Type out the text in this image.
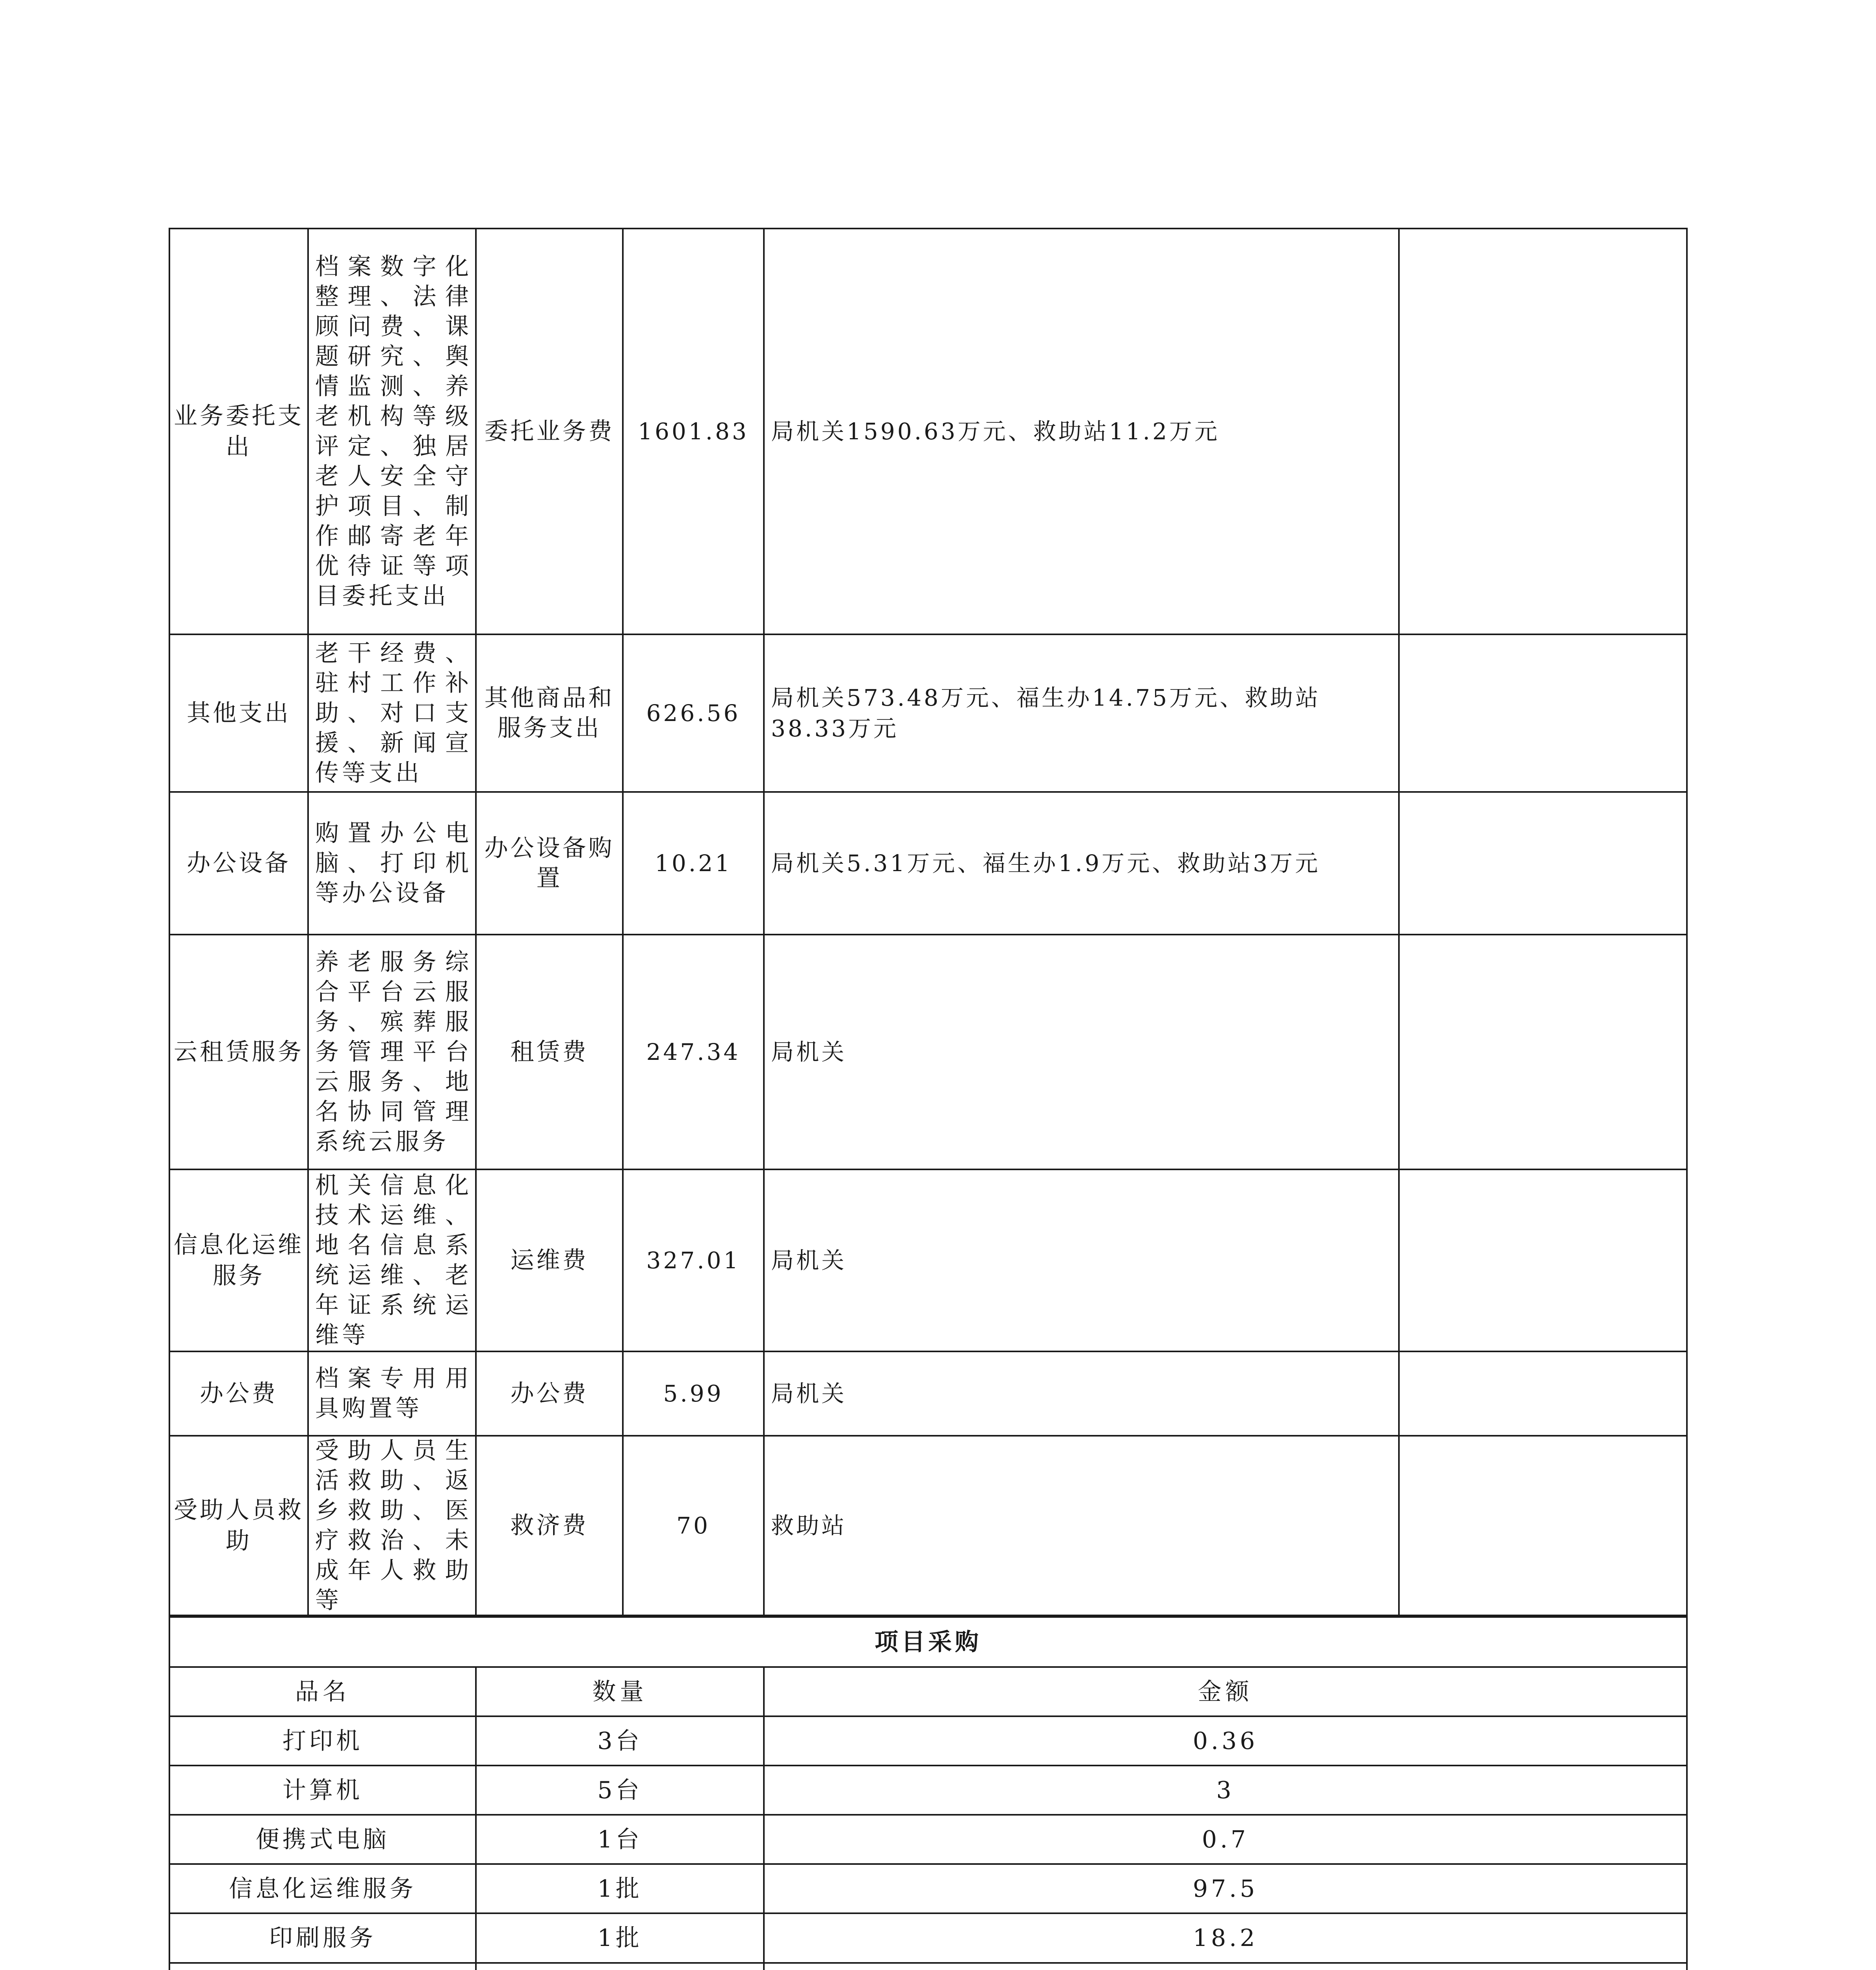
业务委托支出	档案数字化整理、法律顾问费、课题研究、舆情监测、养老机构等级评定、独居老人安全守护项目、制作邮寄老年优待证等项目委托支出	委托业务费	1601.83	局机关1590.63万元、救助站11.2万元	

其他支出	老干经费、驻村工作补助、对口支援、新闻宣传等支出	其他商品和服务支出	626.56	局机关573.48万元、福生办14.75万元、救助站38.33万元	

办公设备	购置办公电脑、打印机等办公设备	办公设备购置	10.21	局机关5.31万元、福生办1.9万元、救助站3万元	

云租赁服务	养老服务综合平台云服务、殡葬服务管理平台云服务、地名协同管理系统云服务	租赁费	247.34	局机关	

信息化运维服务	机关信息化技术运维、地名信息系统运维、老年证系统运维等	运维费	327.01	局机关	

办公费	档案专用用具购置等	办公费	5.99	局机关	

受助人员救助	受助人员生活救助、返乡救助、医疗救治、未成年人救助等	救济费	70	救助站	

项目采购		

品名	数量	金额

打印机	3台	0.36

计算机	5台	3

便携式电脑	1台	0.7

信息化运维服务	1批	97.5

印刷服务	1批	18.2
